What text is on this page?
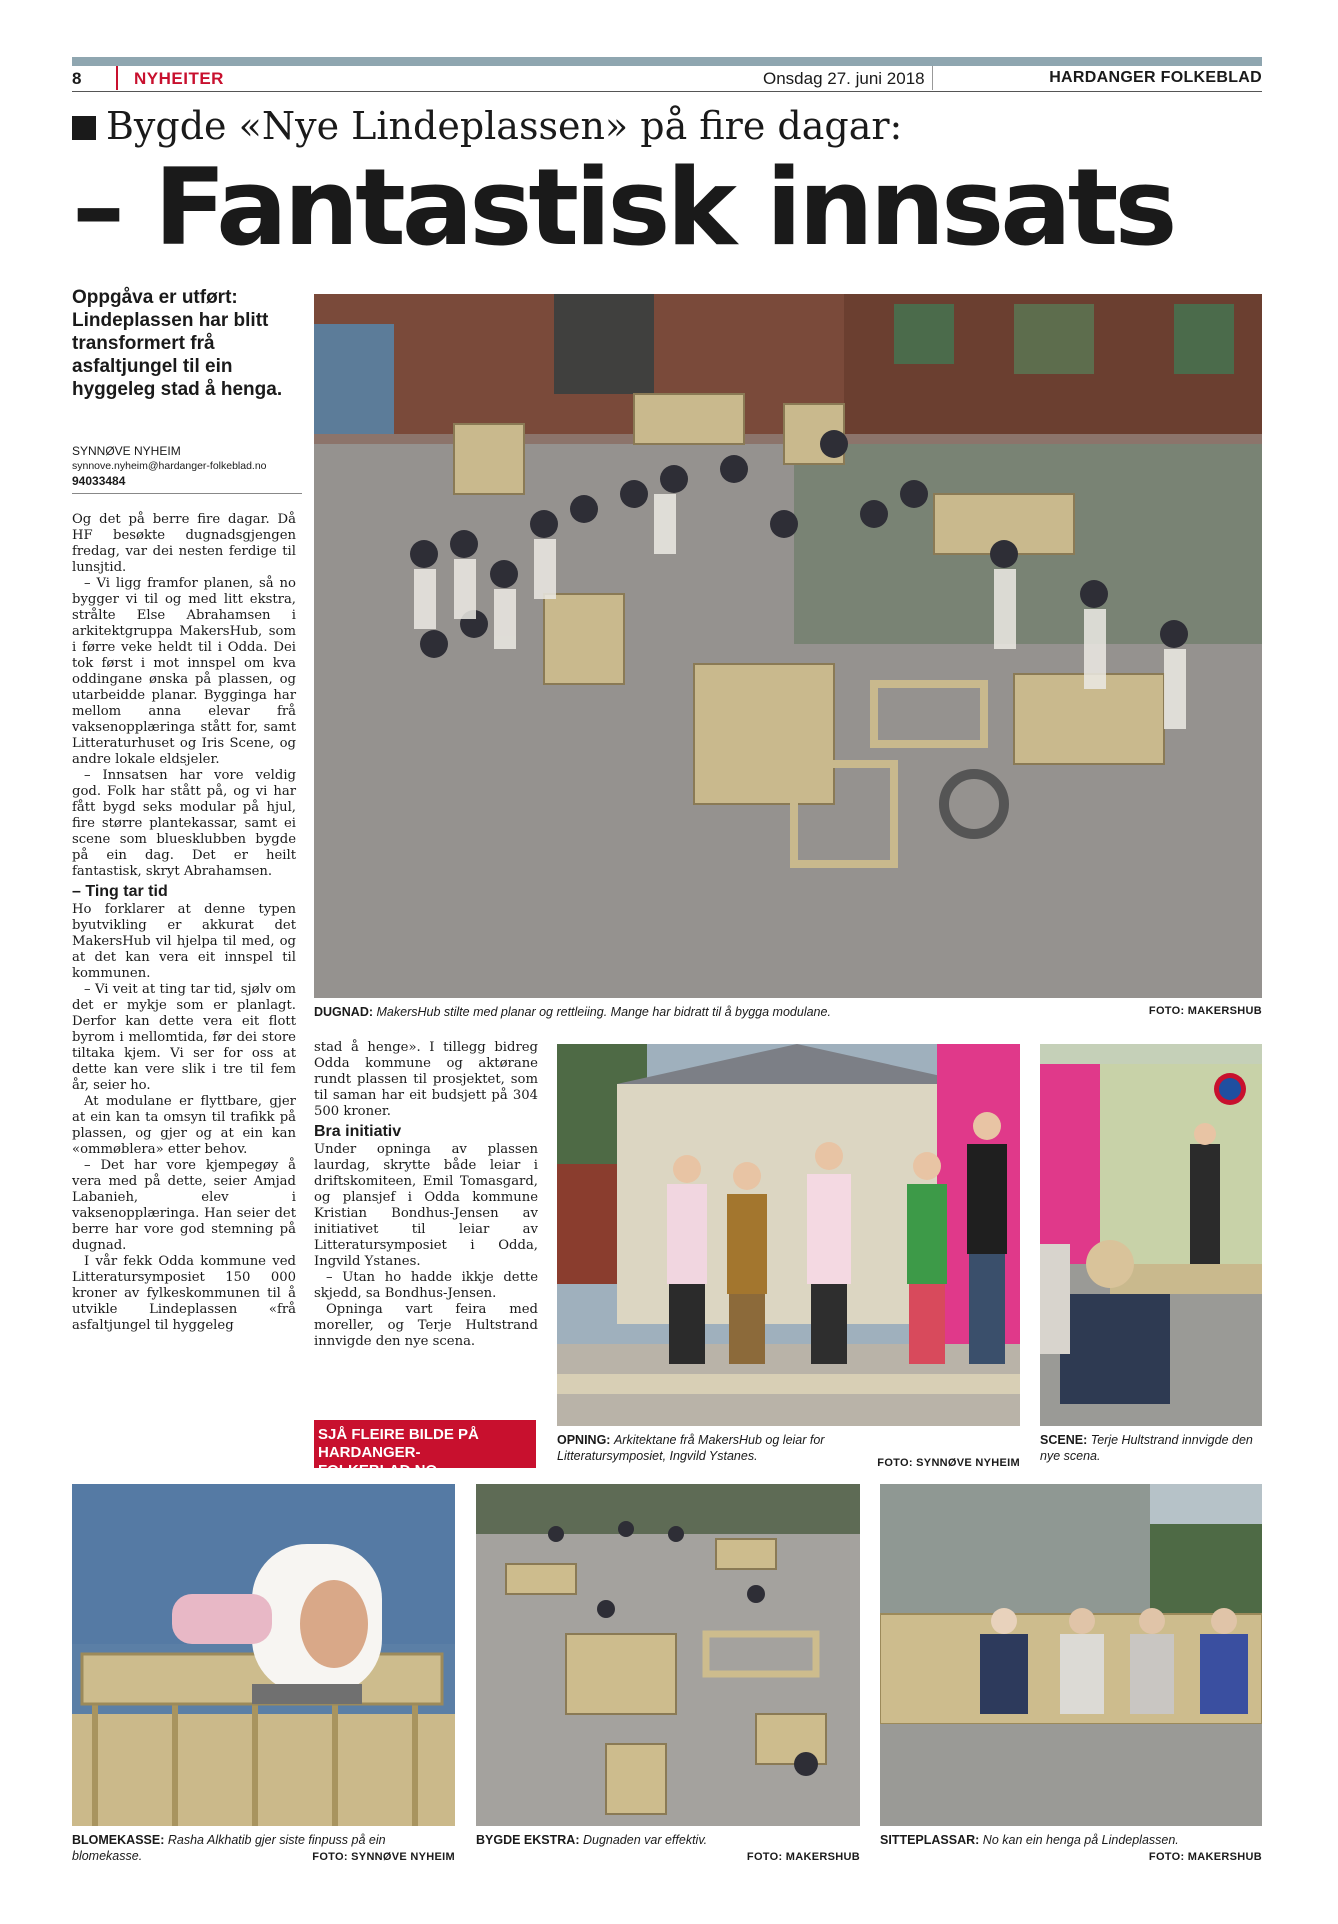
8	NYHEITER	Onsdag 27. juni 2018	HARDANGER FOLKEBLAD
Bygde «Nye Lindeplassen» på fire dagar:
– Fantastisk innsats
Oppgåva er utført: Lindeplassen har blitt transformert frå asfaltjungel til ein hyggeleg stad å henga.
SYNNØVE NYHEIM
synnove.nyheim@hardanger-folkeblad.no
94033484

Og det på berre fire dagar. Då HF besøkte dugnadsgjengen fredag, var dei nesten ferdige til lunsjtid.

– Vi ligg framfor planen, så no bygger vi til og med litt ekstra, strålte Else Abrahamsen i arkitektgruppa MakersHub, som i førre veke heldt til i Odda. Dei tok først i mot innspel om kva oddingane ønska på plassen, og utarbeidde planar. Bygginga har mellom anna elevar frå vaksenopplæringa stått for, samt Litteraturhuset og Iris Scene, og andre lokale eldsjeler.

– Innsatsen har vore veldig god. Folk har stått på, og vi har fått bygd seks modular på hjul, fire større plantekassar, samt ei scene som bluesklubben bygde på ein dag. Det er heilt fantastisk, skryt Abrahamsen.

– Ting tar tid

Ho forklarer at denne typen byutvikling er akkurat det MakersHub vil hjelpa til med, og at det kan vera eit innspel til kommunen.

– Vi veit at ting tar tid, sjølv om det er mykje som er planlagt. Derfor kan dette vera eit flott byrom i mellomtida, før dei store tiltaka kjem. Vi ser for oss at dette kan vere slik i tre til fem år, seier ho.

At modulane er flyttbare, gjer at ein kan ta omsyn til trafikk på plassen, og gjer og at ein kan «ommøblera» etter behov.

– Det har vore kjempegøy å vera med på dette, seier Amjad Labanieh, elev i vaksenopplæringa. Han seier det berre har vore god stemning på dugnad.

I vår fekk Odda kommune ved Litteratursymposiet 150 000 kroner av fylkeskommunen til å utvikle Lindeplassen «frå asfaltjungel til hyggeleg

stad å henge». I tillegg bidreg Odda kommune og aktørane rundt plassen til prosjektet, som til saman har eit budsjett på 304 500 kroner.

Bra initiativ

Under opninga av plassen laurdag, skrytte både leiar i driftskomiteen, Emil Tomasgard, og plansjef i Odda kommune Kristian Bondhus-Jensen av initiativet til leiar av Litteratursymposiet i Odda, Ingvild Ystanes.

– Utan ho hadde ikkje dette skjedd, sa Bondhus-Jensen.

Opninga vart feira med moreller, og Terje Hultstrand innvigde den nye scena.

SJÅ FLEIRE BILDE PÅ HARDANGER-FOLKEBLAD.NO
DUGNAD: MakersHub stilte med planar og rettleiing. Mange har bidratt til å bygga modulane.	FOTO: MAKERSHUB
OPNING: Arkitektane frå MakersHub og leiar for Litteratursymposiet, Ingvild Ystanes.	FOTO: SYNNØVE NYHEIM
SCENE: Terje Hultstrand innvigde den nye scena.
BLOMEKASSE: Rasha Alkhatib gjer siste finpuss på ein blomekasse.	FOTO: SYNNØVE NYHEIM
BYGDE EKSTRA: Dugnaden var effektiv.
FOTO: MAKERSHUB
SITTEPLASSAR: No kan ein henga på Lindeplassen.
FOTO: MAKERSHUB
